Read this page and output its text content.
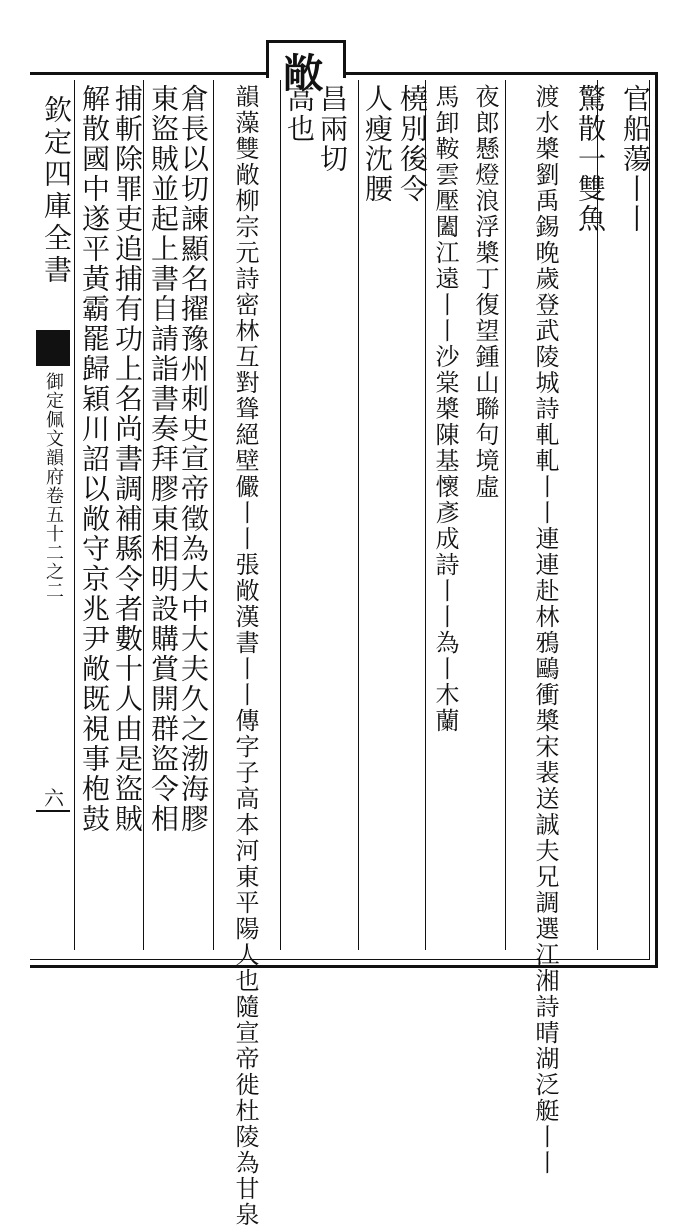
敞
欽定四庫全書
御定佩文韻府卷五十二之二
六
官船蕩丨丨
驚散一雙魚
渡水槳劉禹錫晚歲登武陵城詩軋軋丨丨連連赴林鴉鷗衝槳宋裴送誠夫兄調選江湘詩晴湖泛艇丨丨
夜郎懸燈浪浮槳丁復望鍾山聯句境虛
馬卸鞍雲壓闔江遠丨丨沙棠槳陳基懷彥成詩丨丨為丨木蘭
橈別後令
人瘦沈腰
昌兩切
高也
韻藻雙敞柳宗元詩密林互對聳絕壁儼丨丨張敞漢書丨丨傳字子高本河東平陽人也隨宣帝徙杜陵為甘泉
倉長以切諫顯名擢豫州刺史宣帝徵為大中大夫久之渤海膠
東盜賊並起上書自請詣書奏拜膠東相明設購賞開群盜令相
捕斬除罪吏追捕有功上名尚書調補縣令者數十人由是盜賊
解散國中遂平黃霸罷歸穎川詔以敞守京兆尹敞既視事枹鼓
